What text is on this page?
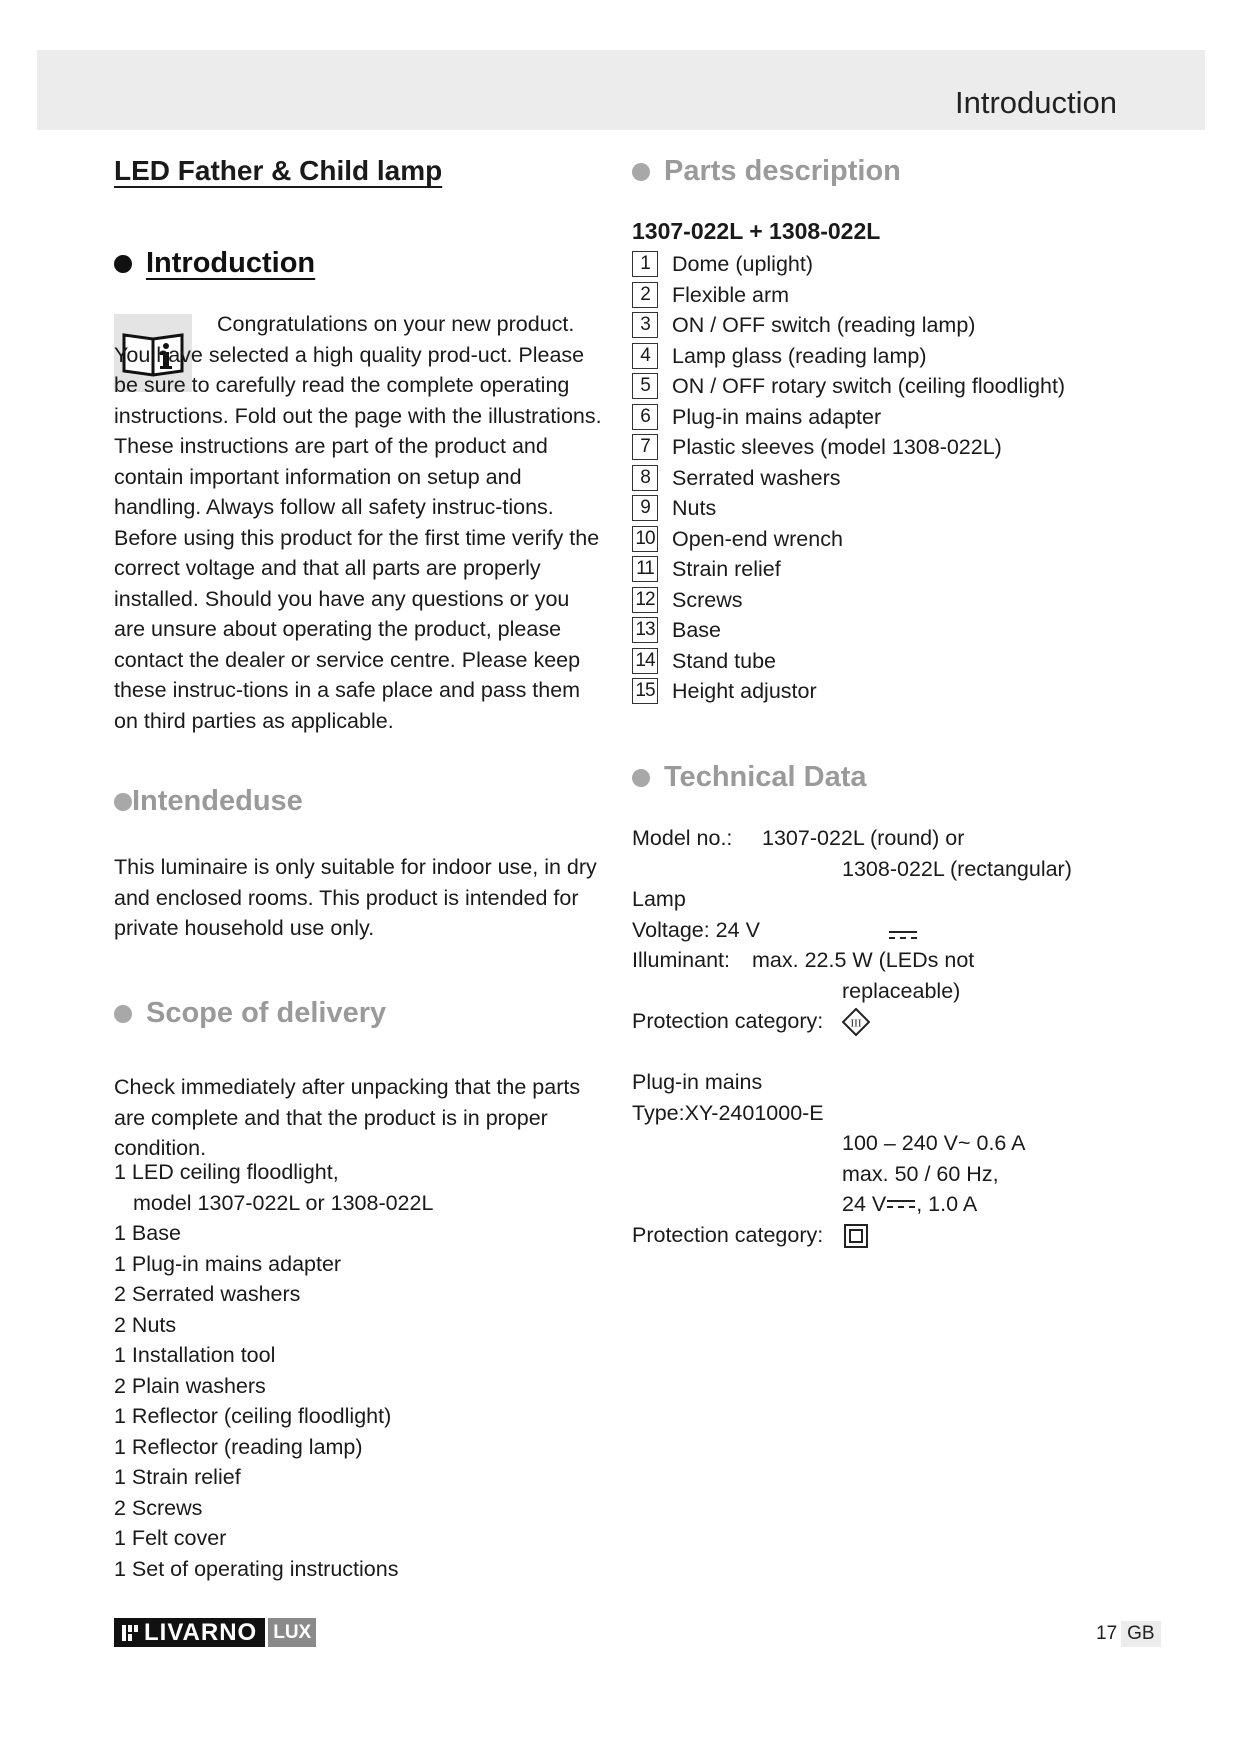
Introduction
LED Father & Child lamp
Introduction

Congratulations on your new product. You have selected a high quality prod-uct. Please be sure to carefully read the complete operating instructions. Fold out the page with the illustrations. These instructions are part of the product and contain important information on setup and handling. Always follow all safety instruc-tions. Before using this product for the first time verify the correct voltage and that all parts are properly installed. Should you have any questions or you are unsure about operating the product, please contact the dealer or service centre. Please keep these instruc-tions in a safe place and pass them on third parties as applicable.

Intendeduse

This luminaire is only suitable for indoor use, in dry and enclosed rooms. This product is intended for private household use only.

Scope of delivery

Check immediately after unpacking that the parts are complete and that the product is in proper condition.

1 LED ceiling floodlight,
model 1307-022L or 1308-022L
1 Base
1 Plug-in mains adapter
2 Serrated washers
2 Nuts
1 Installation tool
2 Plain washers
1 Reflector (ceiling floodlight)
1 Reflector (reading lamp)
1 Strain relief
2 Screws
1 Felt cover
1 Set of operating instructions
Parts description

1307-022L + 1308-022L

1	Dome (uplight)
2	Flexible arm
3	ON / OFF switch (reading lamp)
4	Lamp glass (reading lamp)
5	ON / OFF rotary switch (ceiling floodlight)
6	Plug-in mains adapter
7	Plastic sleeves (model 1308-022L)
8	Serrated washers
9	Nuts
10 Open-end wrench
11 Strain relief
12 Screws
13 Base
14 Stand tube
15 Height adjustor
Technical Data
Model no.: 1307-022L (round) or
1308-022L (rectangular)
Lamp
Voltage: 24 V
Illuminant: max. 22.5 W (LEDs not
replaceable)
Protection category: III
Plug-in mains
Type:XY-2401000-E
100 – 240 V~ 0.6 A
max. 50 / 60 Hz,
24 V , 1.0 A
Protection category:
LIVARNO LUX	17 GB
